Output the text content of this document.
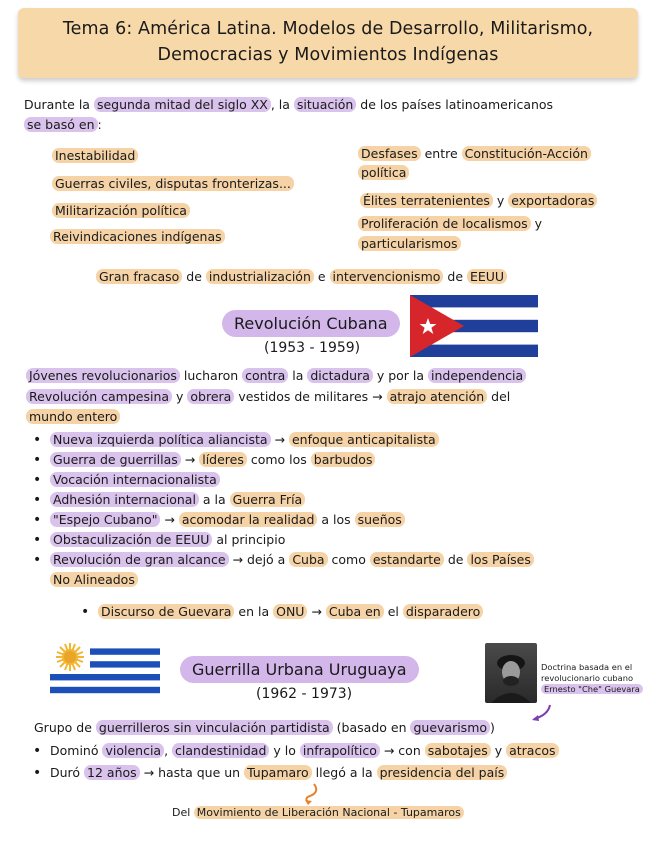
Tema 6: América Latina. Modelos de Desarrollo, Militarismo,
Democracias y Movimientos Indígenas
Durante la segunda mitad del siglo XX , la situación de los países latinoamericanos
se basó en :
Inestabilidad
Guerras civiles, disputas fronterizas...
Militarización política
Reivindicaciones indígenas
Desfases entre Constitución-Acción
política
Élites terratenientes y exportadoras
Proliferación de localismos y
particularismos
Gran fracaso de industrialización e intervencionismo de EEUU
Revolución Cubana
(1953 - 1959)
Jóvenes revolucionarios lucharon contra la dictadura y por la independencia
Revolución campesina y obrera vestidos de militares → atrajo atención del
mundo entero
• Nueva izquierda política aliancista → enfoque anticapitalista
• Guerra de guerrillas → líderes como los barbudos
• Vocación internacionalista
• Adhesión internacional a la Guerra Fría
• "Espejo Cubano" → acomodar la realidad a los sueños
• Obstaculización de EEUU al principio
• Revolución de gran alcance → dejó a Cuba como estandarte de los Países
No Alineados
• Discurso de Guevara en la ONU → Cuba en el disparadero
Guerrilla Urbana Uruguaya
(1962 - 1973)
Doctrina basada en el
revolucionario cubano
Ernesto "Che" Guevara
Grupo de guerrilleros sin vinculación partidista (basado en guevarismo )
• Dominó violencia , clandestinidad y lo infrapolítico → con sabotajes y atracos
• Duró 12 años → hasta que un Tupamaro llegó a la presidencia del país
Del Movimiento de Liberación Nacional - Tupamaros
